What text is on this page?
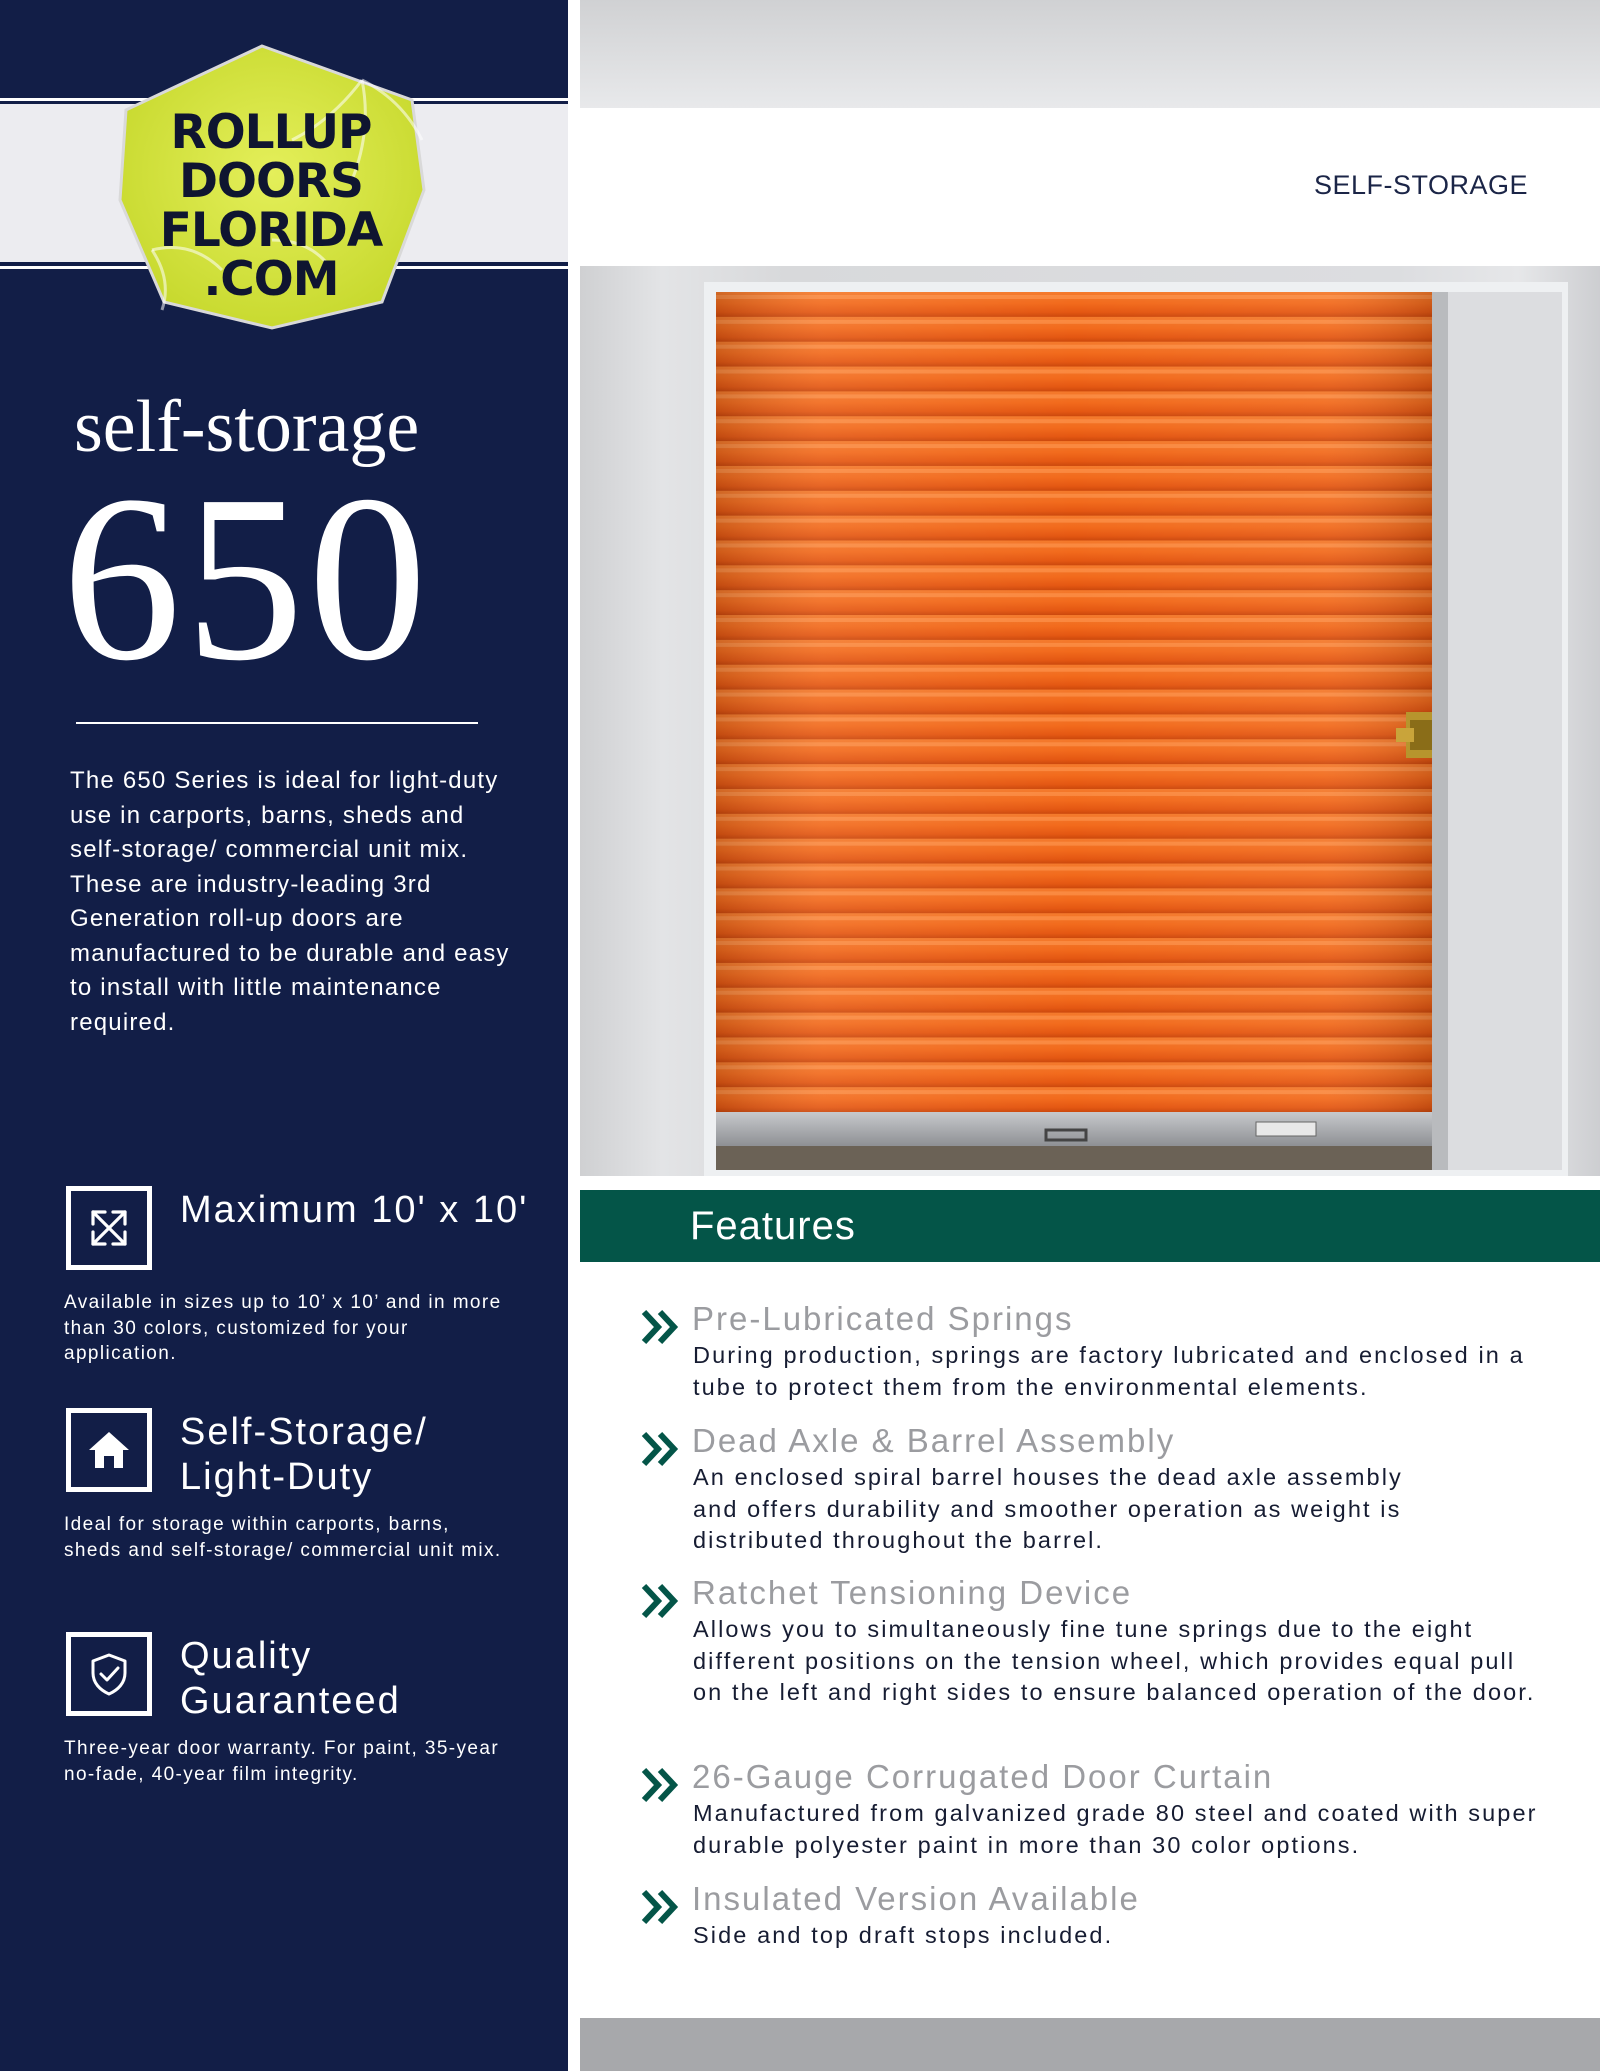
ROLLUP
DOORS
FLORIDA
.COM
self-storage
650
The 650 Series is ideal for light-duty use in carports, barns, sheds and self-storage/ commercial unit mix. These are industry-leading 3rd Generation roll-up doors are manufactured to be durable and easy to install with little maintenance required.
Maximum 10' x 10'
Available in sizes up to 10’ x 10’ and in more than 30 colors, customized for your application.
Self-Storage/ Light-Duty
Ideal for storage within carports, barns, sheds and self-storage/ commercial unit mix.
Quality Guaranteed
Three-year door warranty. For paint, 35-year no-fade, 40-year film integrity.
SELF-STORAGE
Features
Pre-Lubricated Springs
During production, springs are factory lubricated and enclosed in a tube to protect them from the environmental elements.
Dead Axle & Barrel Assembly
An enclosed spiral barrel houses the dead axle assembly and offers durability and smoother operation as weight is distributed throughout the barrel.
Ratchet Tensioning Device
Allows you to simultaneously fine tune springs due to the eight different positions on the tension wheel, which provides equal pull on the left and right sides to ensure balanced operation of the door.
26-Gauge Corrugated Door Curtain
Manufactured from galvanized grade 80 steel and coated with super durable polyester paint in more than 30 color options.
Insulated Version Available
Side and top draft stops included.
